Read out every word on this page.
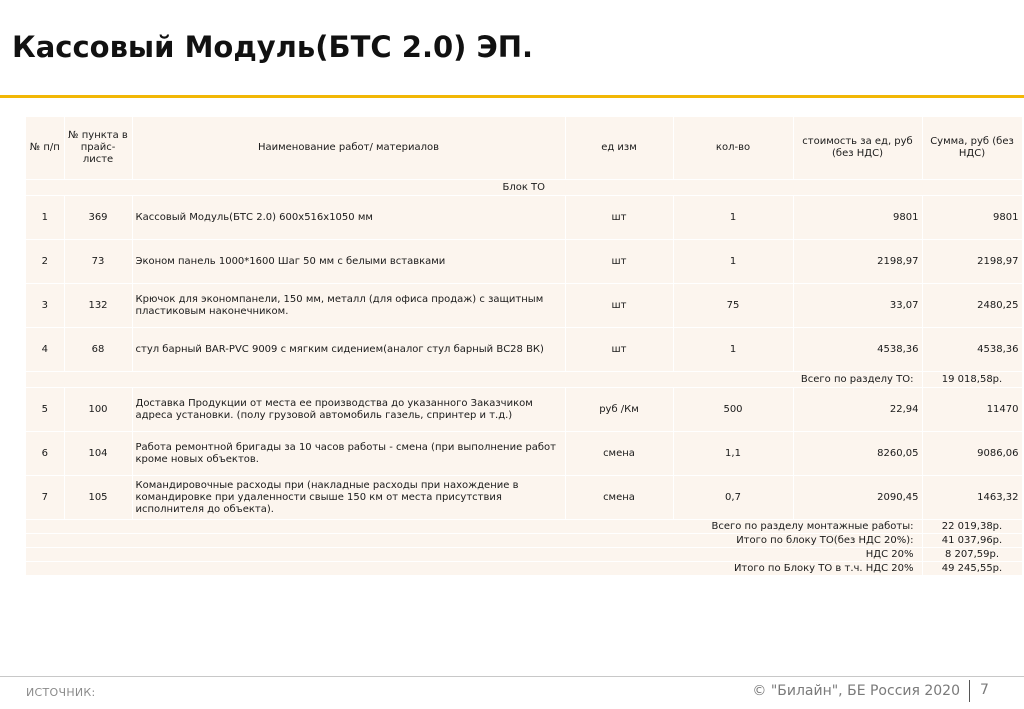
Кассовый Модуль(БТС 2.0) ЭП.
№ п/п	№ пункта в прайс-листе	Наименование работ/ материалов	ед изм	кол-во	стоимость за ед, руб (без НДС)	Сумма, руб (без НДС)
Блок ТО						
1	369	Кассовый Модуль(БТС 2.0) 600х516х1050 мм	шт	1	9801	9801
2	73	Эконом панель 1000*1600 Шаг 50 мм с белыми вставками	шт	1	2198,97	2198,97
3	132	Крючок для экономпанели, 150 мм, металл (для офиса продаж) с защитным пластиковым наконечником.	шт	75	33,07	2480,25
4	68	стул барный BAR-PVC 9009 с мягким сидением(аналог стул барный ВС28 ВК)	шт	1	4538,36	4538,36
Всего по разделу ТО:						19 018,58р.
5	100	Доставка Продукции от места ее производства до указанного Заказчиком адреса установки. (полу грузовой автомобиль газель, спринтер и т.д.)	руб /Км	500	22,94	11470
6	104	Работа ремонтной бригады за 10 часов работы - смена (при выполнение работ кроме новых объектов.	смена	1,1	8260,05	9086,06
7	105	Командировочные расходы при (накладные расходы при нахождение в командировке при удаленности свыше 150 км от места присутствия исполнителя до объекта).	смена	0,7	2090,45	1463,32
Всего по разделу монтажные работы:						22 019,38р.
Итого по блоку ТО(без НДС 20%):						41 037,96р.
НДС 20%						8 207,59р.
Итого по Блоку ТО в т.ч. НДС 20%						49 245,55р.
ИСТОЧНИК:	© "Билайн", БЕ Россия 2020 7
